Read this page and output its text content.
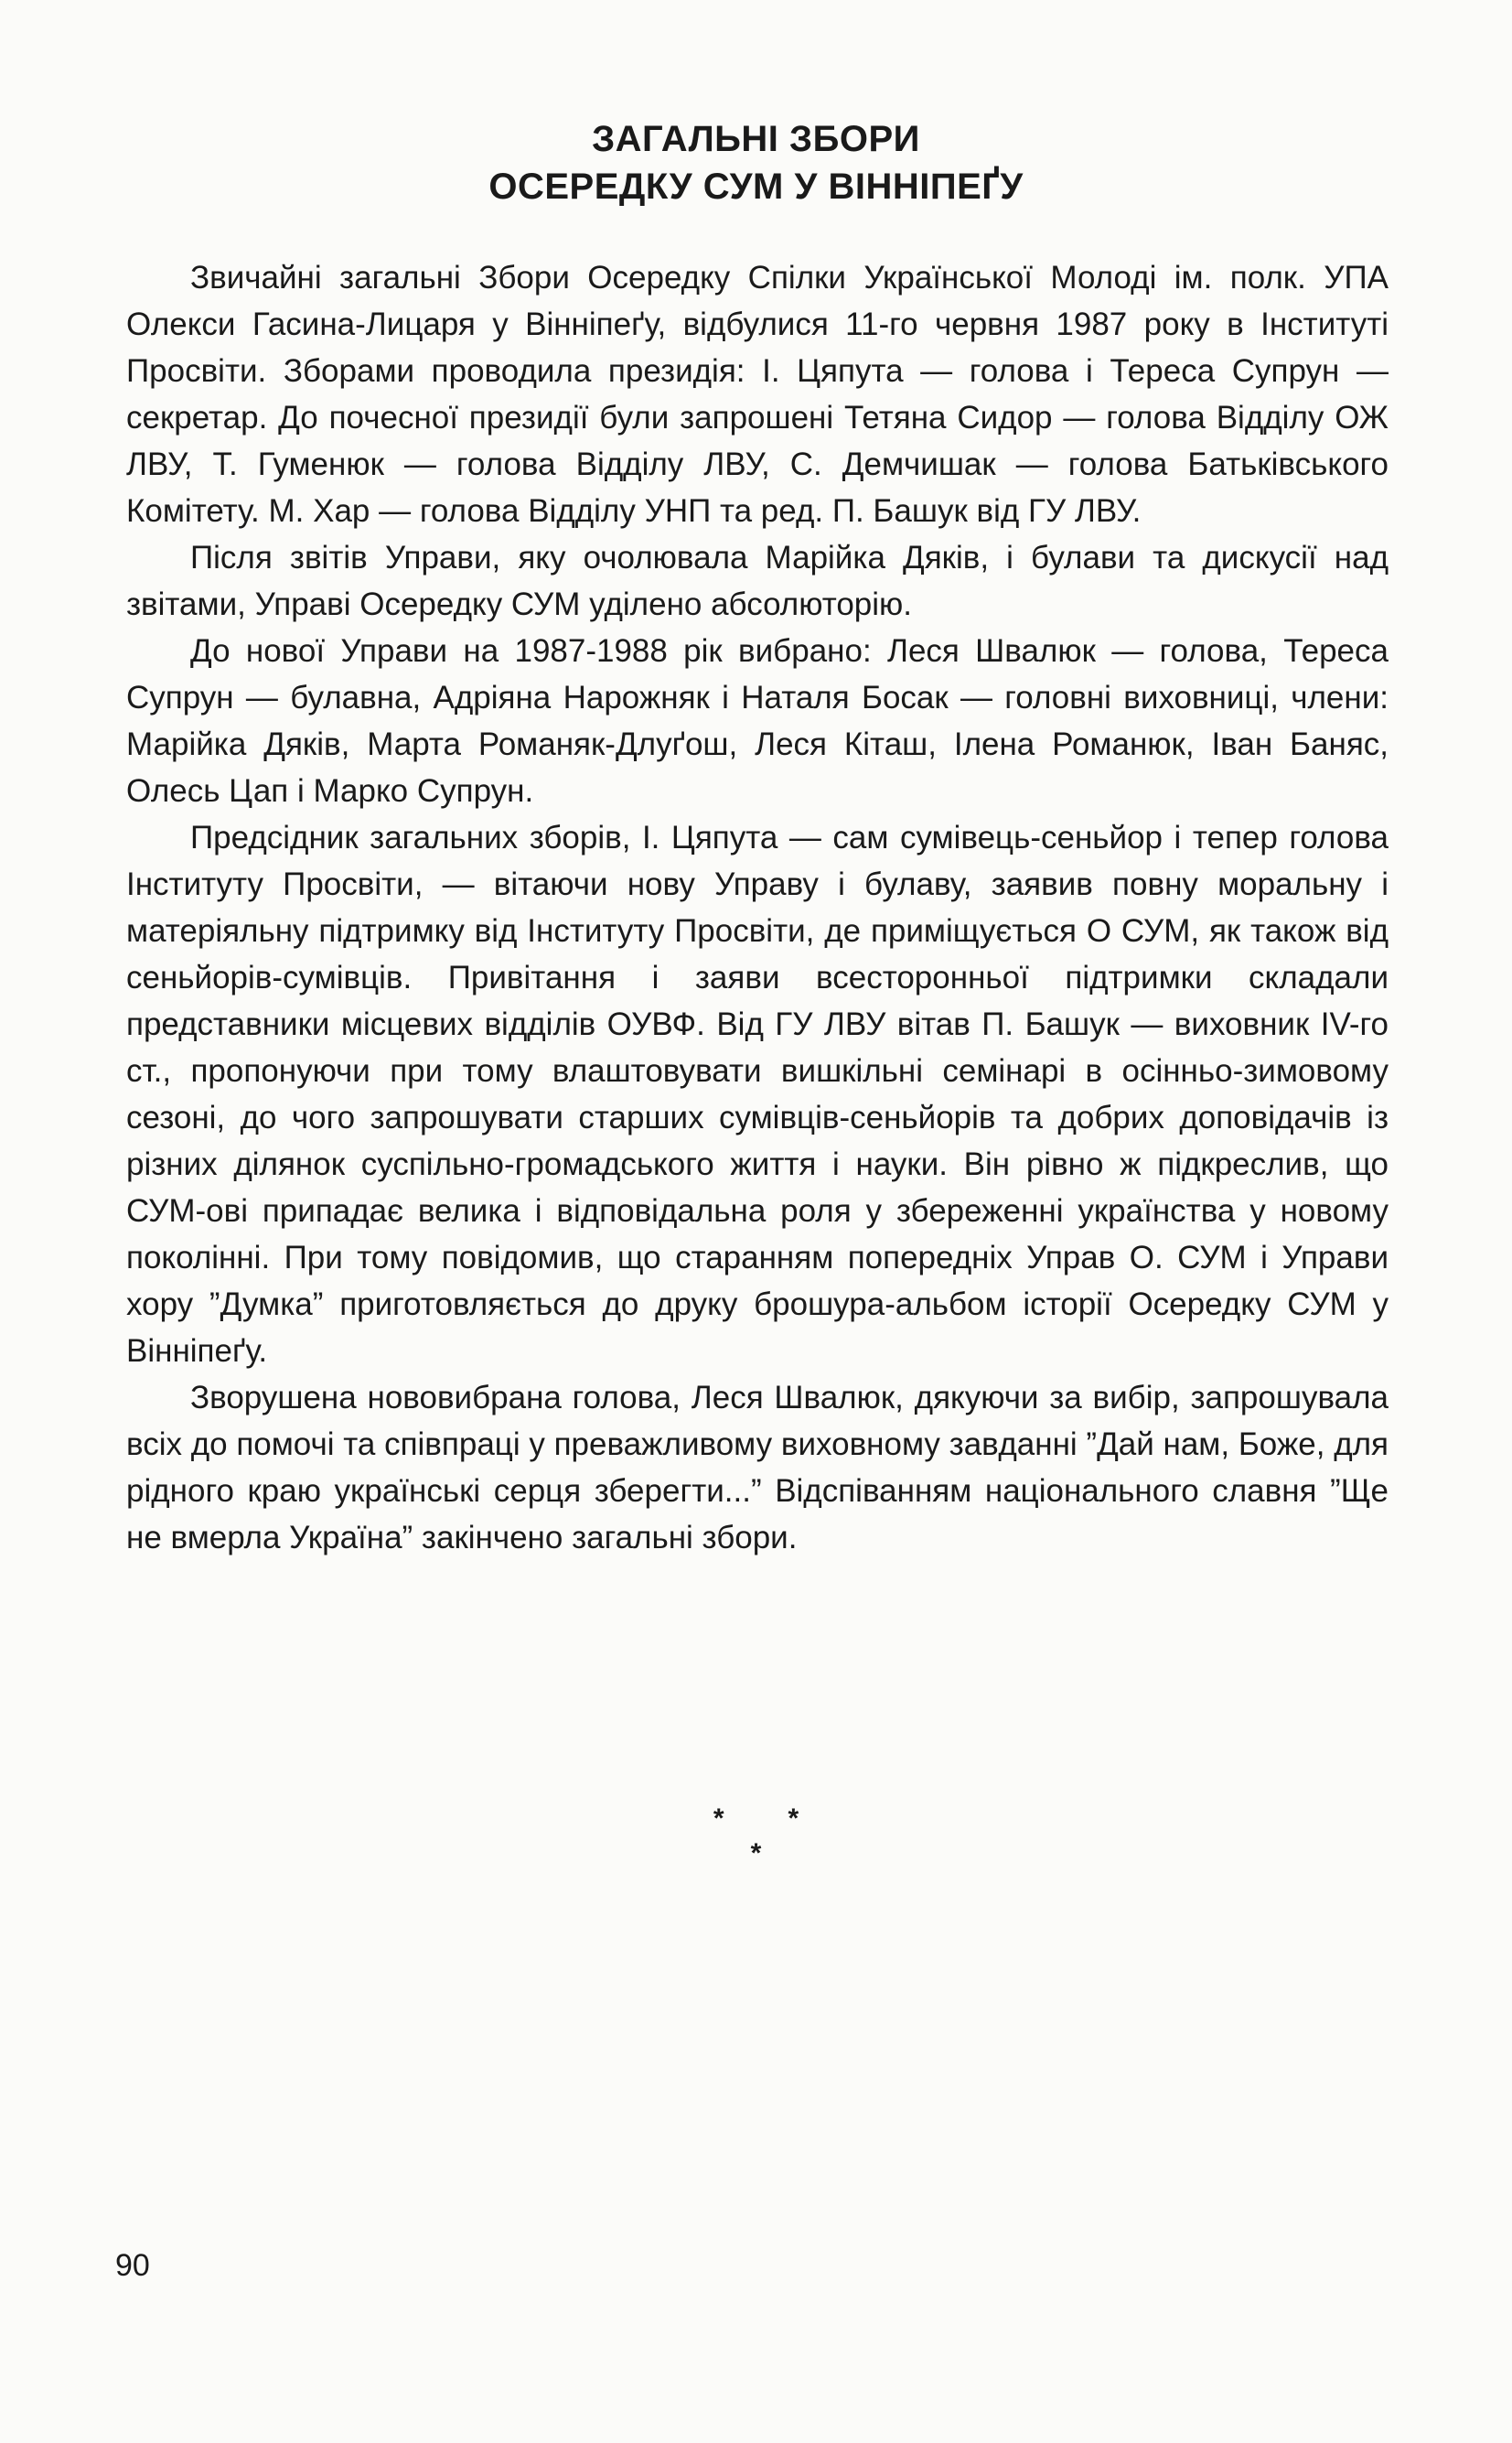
ЗАГАЛЬНІ ЗБОРИ
ОСЕРЕДКУ СУМ У ВІННІПЕҐУ

Звичайні загальні Збори Осередку Спілки Української Молоді ім. полк. УПА Олекси Гасина-Лицаря у Вінніпеґу, відбулися 11-го червня 1987 року в Інституті Просвіти. Зборами проводила президія: І. Цяпута — голова і Тереса Супрун — секретар. До почесної президії були запрошені Тетяна Сидор — голова Відділу ОЖ ЛВУ, Т. Гуменюк — голова Відділу ЛВУ, С. Демчишак — голова Батьківського Комітету. М. Хар — голова Відділу УНП та ред. П. Башук від ГУ ЛВУ.

Після звітів Управи, яку очолювала Марійка Дяків, і булави та дискусії над звітами, Управі Осередку СУМ уділено абсолюторію.

До нової Управи на 1987-1988 рік вибрано: Леся Швалюк — голова, Тереса Супрун — булавна, Адріяна Нарожняк і Наталя Босак — головні виховниці, члени: Марійка Дяків, Марта Романяк-Длуґош, Леся Кіташ, Ілена Романюк, Іван Баняс, Олесь Цап і Марко Супрун.

Предсідник загальних зборів, І. Цяпута — сам сумівець-сеньйор і тепер голова Інституту Просвіти, — вітаючи нову Управу і булаву, заявив повну моральну і матеріяльну підтримку від Інституту Просвіти, де приміщується О СУМ, як також від сеньйорів-сумівців. Привітання і заяви всесторонньої підтримки складали представники місцевих відділів ОУВФ. Від ГУ ЛВУ вітав П. Башук — виховник IV-го ст., пропонуючи при тому влаштовувати вишкільні семінарі в осінньо-зимовому сезоні, до чого запрошувати старших сумівців-сеньйорів та добрих доповідачів із різних ділянок суспільно-громадського життя і науки. Він рівно ж підкреслив, що СУМ-ові припадає велика і відповідальна роля у збереженні українства у новому поколінні. При тому повідомив, що старанням попередніх Управ О. СУМ і Управи хору ”Думка” приготовляється до друку брошура-альбом історії Осередку СУМ у Вінніпеґу.

Зворушена нововибрана голова, Леся Швалюк, дякуючи за вибір, запрошувала всіх до помочі та співпраці у преважливому виховному завданні ”Дай нам, Боже, для рідного краю українські серця зберегти...” Відспіванням національного славня ”Ще не вмерла Україна” закінчено загальні збори.

**
*
90
